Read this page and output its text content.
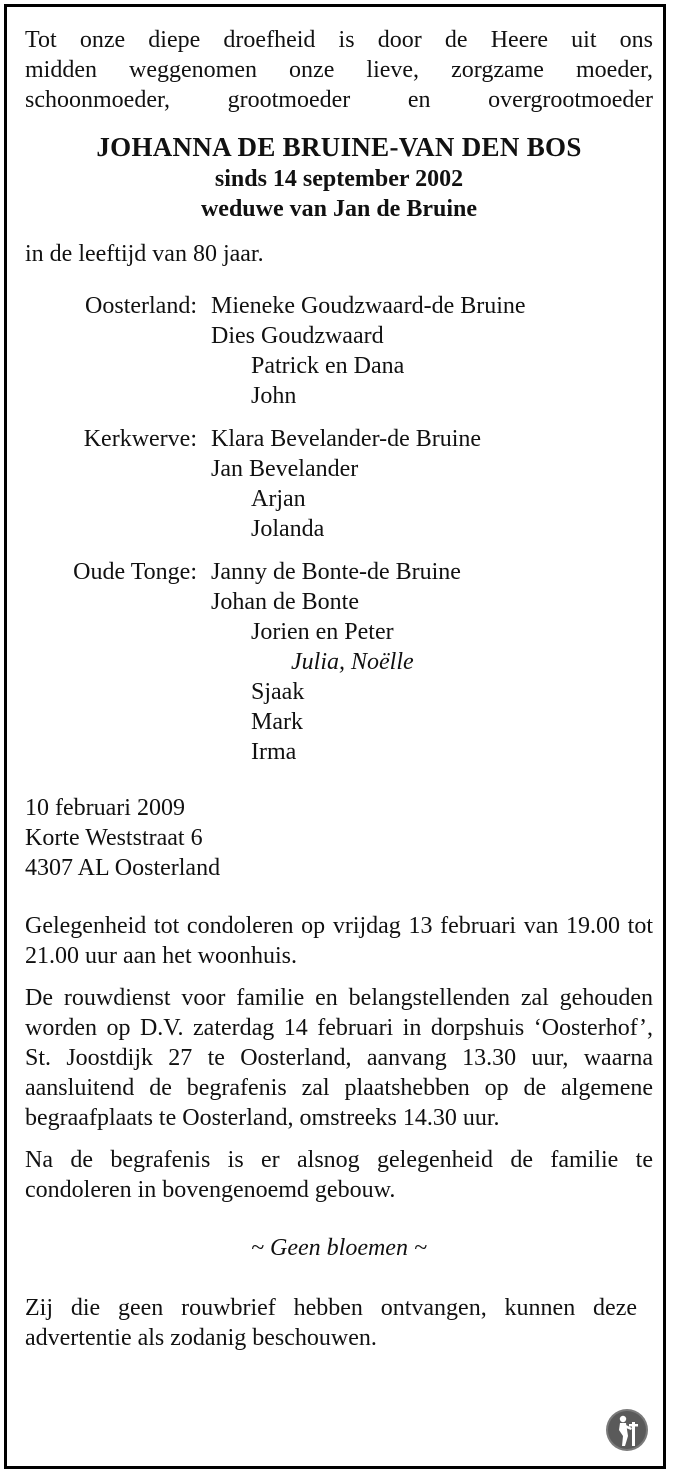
Tot onze diepe droefheid is door de Heere uit ons
midden weggenomen onze lieve, zorgzame moeder,
schoonmoeder, grootmoeder en overgrootmoeder
JOHANNA DE BRUINE-VAN DEN BOS
sinds 14 september 2002
weduwe van Jan de Bruine
in de leeftijd van 80 jaar.
Oosterland: Mieneke Goudzwaard-de Bruine
Dies Goudzwaard
Patrick en Dana
John
Kerkwerve: Klara Bevelander-de Bruine
Jan Bevelander
Arjan
Jolanda
Oude Tonge: Janny de Bonte-de Bruine
Johan de Bonte
Jorien en Peter
Julia, Noëlle
Sjaak
Mark
Irma
10 februari 2009
Korte Weststraat 6
4307 AL Oosterland
Gelegenheid tot condoleren op vrijdag 13 februari van 19.00 tot 21.00 uur aan het woonhuis.
De rouwdienst voor familie en belangstellenden zal gehouden worden op D.V. zaterdag 14 februari in dorpshuis ‘Oosterhof’, St. Joostdijk 27 te Oosterland, aanvang 13.30 uur, waarna aansluitend de begrafenis zal plaatshebben op de algemene begraafplaats te Oosterland, omstreeks 14.30 uur.
Na de begrafenis is er alsnog gelegenheid de familie te condoleren in bovengenoemd gebouw.
~ Geen bloemen ~
Zij die geen rouwbrief hebben ontvangen, kunnen deze advertentie als zodanig beschouwen.
